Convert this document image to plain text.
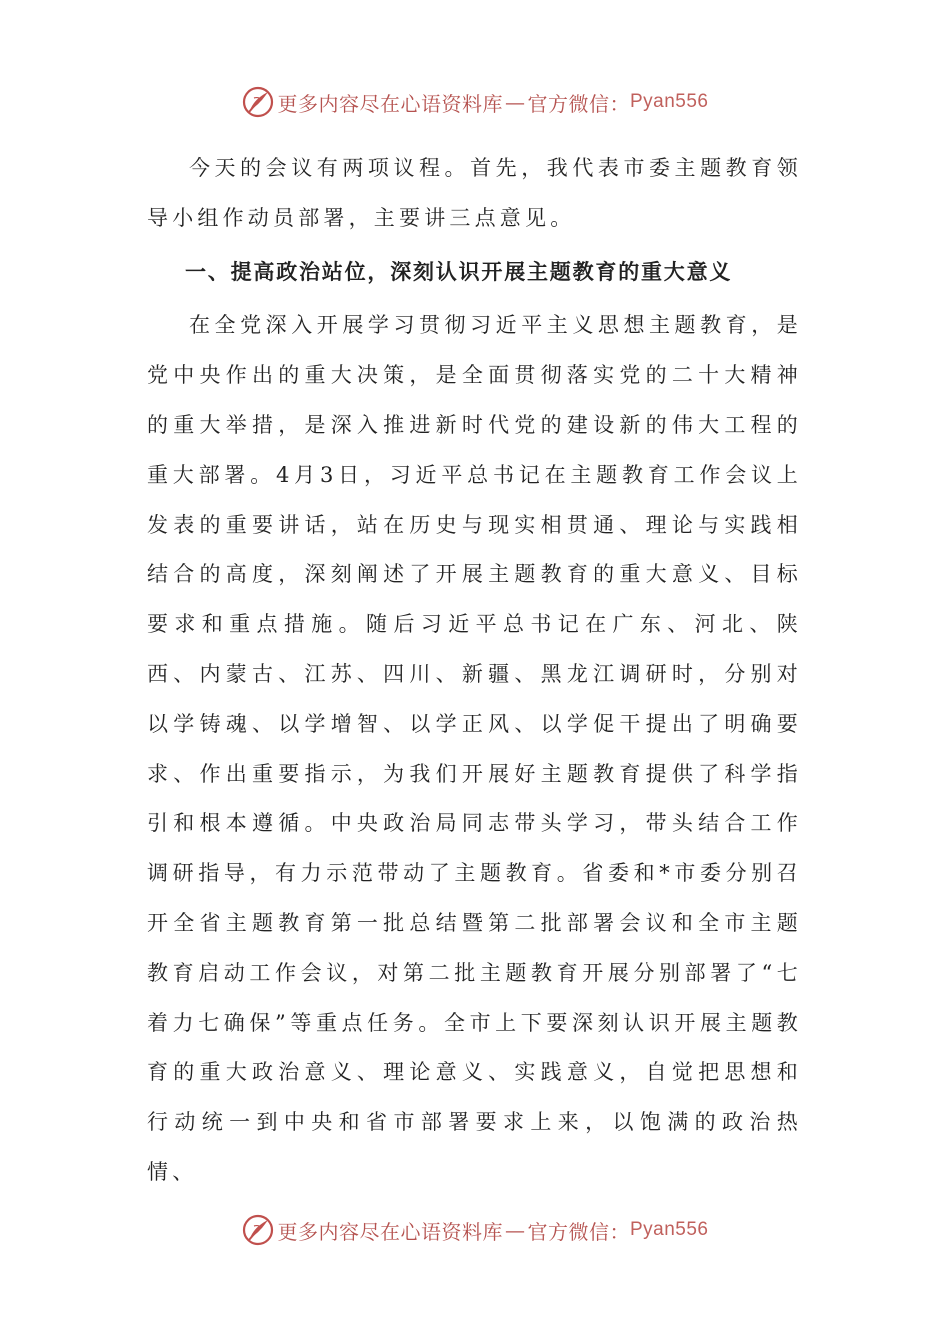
更多内容尽在心语资料库 — 官方微信： Pyan556

今天的会议有两项议程。首先，我代表市委主题教育领导小组作动员部署，主要讲三点意见。

一、提高政治站位，深刻认识开展主题教育的重大意义

在全党深入开展学习贯彻习近平主义思想主题教育，是党中央作出的重大决策，是全面贯彻落实党的二十大精神的重大举措，是深入推进新时代党的建设新的伟大工程的重大部署。4月3日，习近平总书记在主题教育工作会议上发表的重要讲话，站在历史与现实相贯通、理论与实践相结合的高度，深刻阐述了开展主题教育的重大意义、目标要求和重点措施。随后习近平总书记在广东、河北、陕西、内蒙古、江苏、四川、新疆、黑龙江调研时，分别对以学铸魂、以学增智、以学正风、以学促干提出了明确要求、作出重要指示，为我们开展好主题教育提供了科学指引和根本遵循。中央政治局同志带头学习，带头结合工作调研指导，有力示范带动了主题教育。省委和*市委分别召开全省主题教育第一批总结暨第二批部署会议和全市主题教育启动工作会议，对第二批主题教育开展分别部署了“七着力七确保”等重点任务。全市上下要深刻认识开展主题教育的重大政治意义、理论意义、实践意义，自觉把思想和行动统一到中央和省市部署要求上来，以饱满的政治热情、

更多内容尽在心语资料库 — 官方微信： Pyan556
